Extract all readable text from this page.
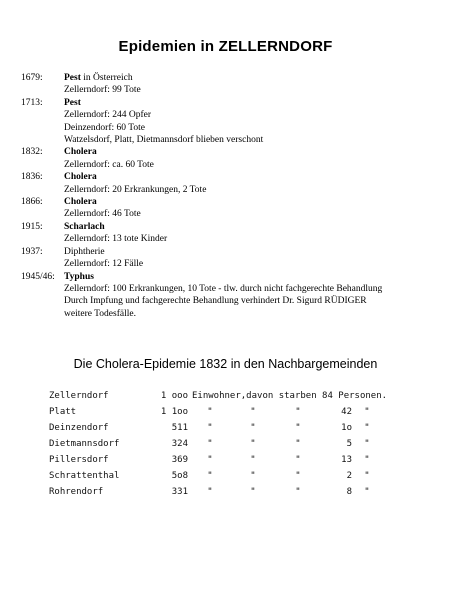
Epidemien in ZELLERNDORF
1679:	Pest in Österreich
Zellerndorf: 99 Tote
1713:	Pest
Zellerndorf: 244 Opfer
Deinzendorf: 60 Tote
Watzelsdorf, Platt, Dietmannsdorf blieben verschont
1832:	Cholera
Zellerndorf: ca. 60 Tote
1836:	Cholera
Zellerndorf: 20 Erkrankungen, 2 Tote
1866:	Cholera
Zellerndorf: 46 Tote
1915:	Scharlach
Zellerndorf: 13 tote Kinder
1937:	Diphtherie
Zellerndorf: 12 Fälle
1945/46: Typhus
Zellerndorf: 100 Erkrankungen, 10 Tote - tlw. durch nicht fachgerechte Behandlung
Durch Impfung und fachgerechte Behandlung verhindert Dr. Sigurd RÜDIGER
weitere Todesfälle.
Die Cholera-Epidemie 1832 in den Nachbargemeinden
Zellerndorf	1 ooo Einwohner,davon starben 84 Personen.
Platt	1 1oo	"	"	"	42	"
Deinzendorf	511	"	"	"	1o	"
Dietmannsdorf	324	"	"	"	5	"
Pillersdorf	369	"	"	"	13	"
Schrattenthal	5o8	"	"	"	2	"
Rohrendorf	331	"	"	"	8	"
